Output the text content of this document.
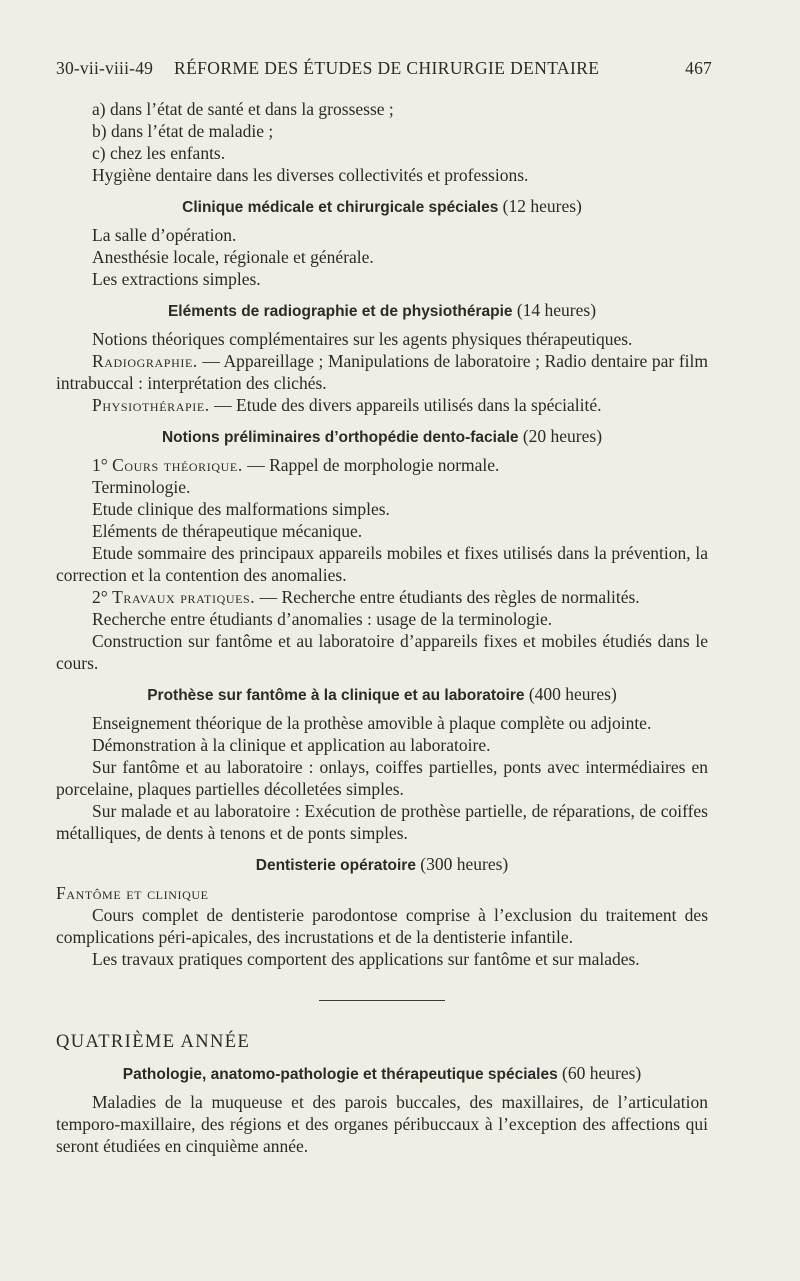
30-vii-viii-49 RÉFORME DES ÉTUDES DE CHIRURGIE DENTAIRE	467

a) dans l’état de santé et dans la grossesse ;

b) dans l’état de maladie ;

c) chez les enfants.

Hygiène dentaire dans les diverses collectivités et professions.

Clinique médicale et chirurgicale spéciales (12 heures)

La salle d’opération.

Anesthésie locale, régionale et générale.

Les extractions simples.

Eléments de radiographie et de physiothérapie (14 heures)

Notions théoriques complémentaires sur les agents physiques thérapeutiques.

Radiographie. — Appareillage ; Manipulations de laboratoire ; Radio dentaire par film intrabuccal : interprétation des clichés.

Physiothérapie. — Etude des divers appareils utilisés dans la spécialité.

Notions préliminaires d’orthopédie dento-faciale (20 heures)

1° Cours théorique. — Rappel de morphologie normale.

Terminologie.

Etude clinique des malformations simples.

Eléments de thérapeutique mécanique.

Etude sommaire des principaux appareils mobiles et fixes utilisés dans la prévention, la correction et la contention des anomalies.

2° Travaux pratiques. — Recherche entre étudiants des règles de normalités.

Recherche entre étudiants d’anomalies : usage de la terminologie.

Construction sur fantôme et au laboratoire d’appareils fixes et mobiles étudiés dans le cours.

Prothèse sur fantôme à la clinique et au laboratoire (400 heures)

Enseignement théorique de la prothèse amovible à plaque complète ou adjointe.

Démonstration à la clinique et application au laboratoire.

Sur fantôme et au laboratoire : onlays, coiffes partielles, ponts avec intermédiaires en porcelaine, plaques partielles décolletées simples.

Sur malade et au laboratoire : Exécution de prothèse partielle, de réparations, de coiffes métalliques, de dents à tenons et de ponts simples.

Dentisterie opératoire (300 heures)

Fantôme et clinique

Cours complet de dentisterie parodontose comprise à l’exclusion du traitement des complications péri-apicales, des incrustations et de la dentisterie infantile.

Les travaux pratiques comportent des applications sur fantôme et sur malades.

QUATRIÈME ANNÉE

Pathologie, anatomo-pathologie et thérapeutique spéciales (60 heures)

Maladies de la muqueuse et des parois buccales, des maxillaires, de l’articulation temporo-maxillaire, des régions et des organes péribuccaux à l’exception des affections qui seront étudiées en cinquième année.
